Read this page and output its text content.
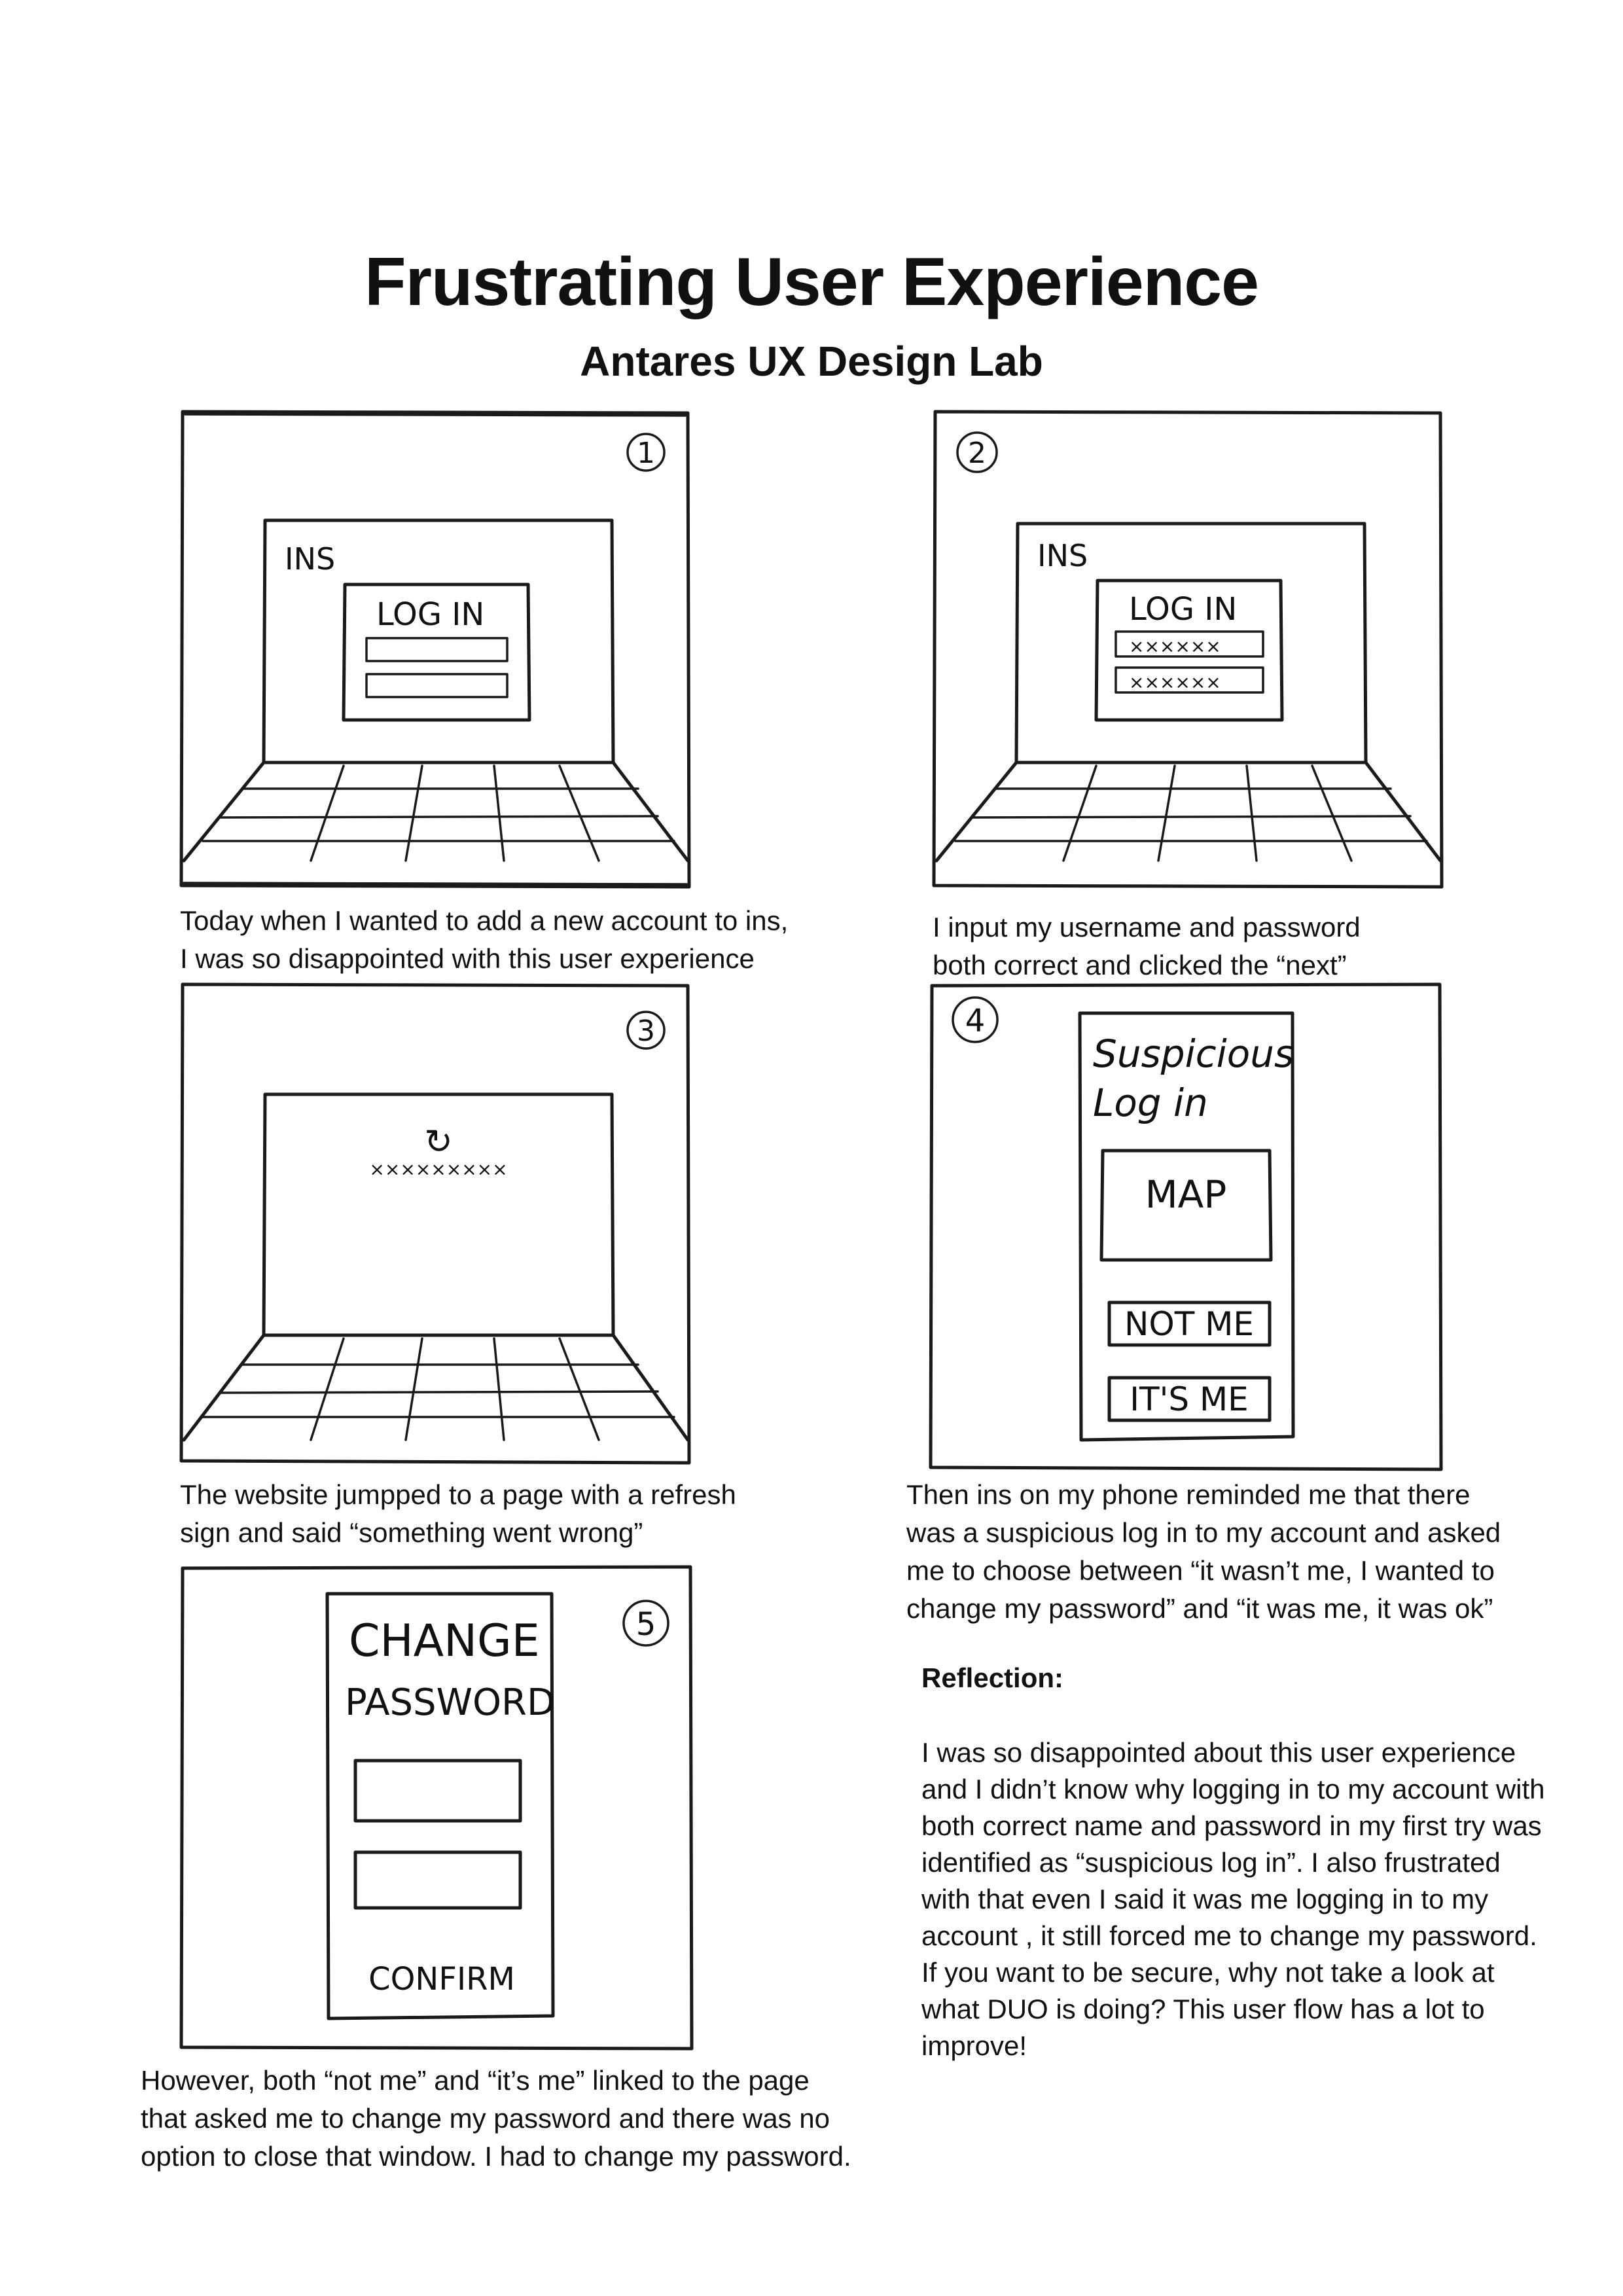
Frustrating User Experience
Antares UX Design Lab
1
INS
LOG IN
Today when I wanted to add a new account to ins,
I was so disappointed with this user experience
2
INS
LOG IN
××××××
××××××
I input my username and password
both correct and clicked the “next”
3
↻
×××××××××
The website jumpped to a page with a refresh
sign and said “something went wrong”
4
Suspicious
Log in
MAP
NOT ME
IT'S ME
Then ins on my phone reminded me that there
was a suspicious log in to my account and asked
me to choose between “it wasn’t me, I wanted to
change my password” and “it was me, it was ok”
5
CHANGE
PASSWORD
CONFIRM
However, both “not me” and “it’s me” linked to the page
that asked me to change my password and there was no
option to close that window. I had to change my password.
Reflection:
I was so disappointed about this user experience and I didn’t know why logging in to my account with both correct name and password in my first try was identified as “suspicious log in”. I also frustrated with that even I said it was me logging in to my account , it still forced me to change my password. If you want to be secure, why not take a look at what DUO is doing? This user flow has a lot to improve!
